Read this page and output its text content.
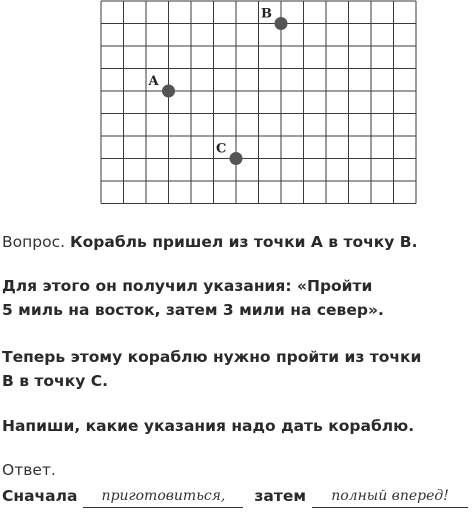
A
B
C
Вопрос. Корабль пришел из точки А в точку В.
Для этого он получил указания: «Пройти
5 миль на восток, затем 3 мили на север».
Теперь этому кораблю нужно пройти из точки
В в точку С.
Напиши, какие указания надо дать кораблю.
Ответ.
Сначала приготовиться, затем полный вперед!
